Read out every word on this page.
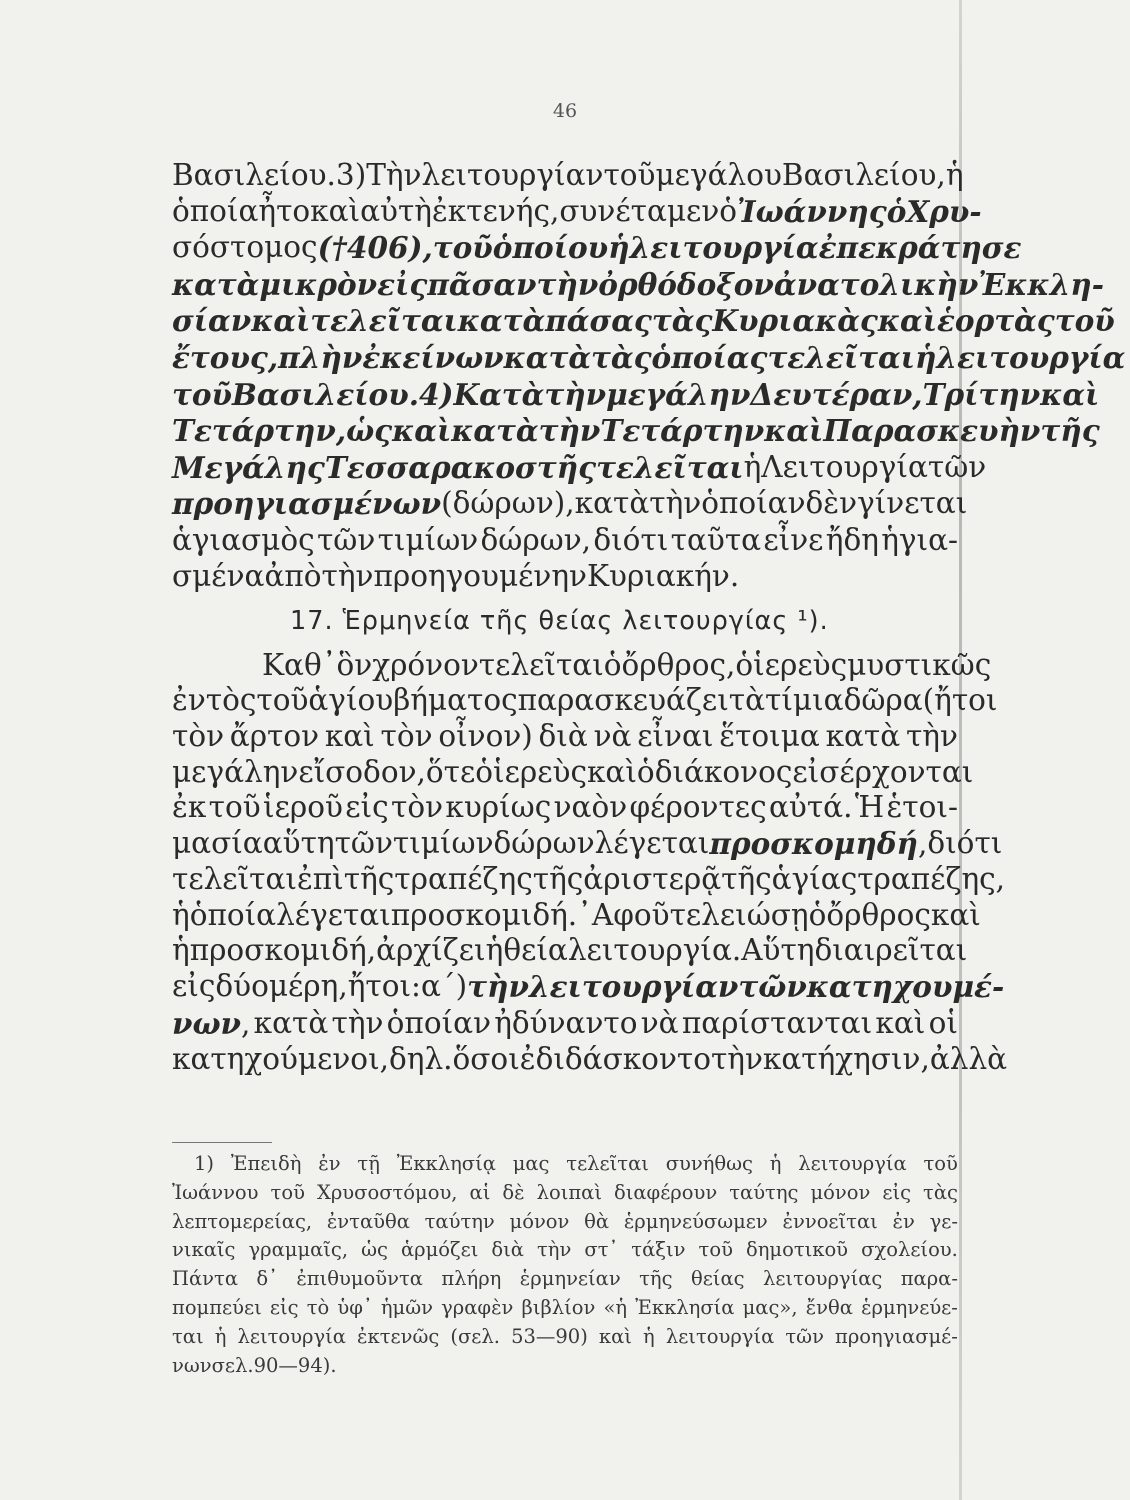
46
Βασιλείου. 3) Τὴν λειτουργίαν τοῦ μεγάλου Βασιλείου, ἡ
ὁποία ἦτο καὶ αὐτὴ ἐκτενής,συνέταμεν ὁ Ἰωάννης ὁ Χρυ-
σόστομος (†406), τοῦ ὁποίου ἡ λειτουργία ἐπεκράτησε
κατὰ μικρὸν εἰς πᾶσαν τὴν ὀρθόδοξον ἀνατολικὴν Ἐκκλη-
σίαν καὶ τελεῖται κατὰ πάσας τὰς Κυριακὰς καὶ ἑορτὰς τοῦ
ἔτους, πλὴν ἐκείνων κατὰ τὰς ὁποίας τελεῖται ἡ λειτουργία
τοῦ Βασιλείου. 4) Κατὰ τὴν μεγάλην Δευτέραν, Τρίτην καὶ
Τετάρτην,ὡς καὶ κατὰ τὴν Τετάρτην καὶ Παρασκευὴν τῆς
Μεγάλης Τεσσαρακοστῆς τελεῖται ἡ Λειτουργία τῶν
προηγιασμένων (δώρων), κατὰ τὴν ὁποίαν δὲν γίνεται
ἁγιασμὸς τῶν τιμίων δώρων, διότι ταῦτα εἶνε ἤδη ἡγια-
σμένα ἀπὸ τὴν προηγουμένην Κυριακήν.
17. Ἑρμηνεία τῆς θείας λειτουργίας ¹).
Καθ᾽ ὃν χρόνον τελεῖται ὁ ὄρθρος, ὁ ἱερεὺς μυστικῶς
ἐντὸς τοῦ ἁγίου βήματος παρασκευάζει τὰ τίμια δῶρα (ἤτοι
τὸν ἄρτον καὶ τὸν οἶνον) διὰ νὰ εἶναι ἕτοιμα κατὰ τὴν
μεγάλην εἴσοδον, ὅτε ὁ ἱερεὺς καὶ ὁ διάκονος εἰσέρχονται
ἐκ τοῦ ἱεροῦ εἰς τὸν κυρίως ναὸν φέροντες αὐτά. Ἡ ἑτοι-
μασία αὕτη τῶν τιμίων δώρων λέγεται προσκομηδή, διότι
τελεῖται ἐπὶ τῆς τραπέζης τῆς ἀριστερᾷ τῆς ἁγίας τραπέζης,
ἡ ὁποία λέγεται προσκομιδή.᾿Αφοῦ τελειώσῃ ὁ ὄρθρος καὶ
ἡ προσκομιδή, ἀρχίζει ἡ θεία λειτουργία. Αὕτη διαιρεῖται
εἰς δύο μέρη, ἤτοι : α΄) τὴν λειτουργίαν τῶν κατηχουμέ-
νων, κατὰ τὴν ὁποίαν ἠδύναντο νὰ παρίστανται καὶ οἱ
κατηχούμενοι, δηλ. ὅσοι ἐδιδάσκοντο τὴν κατήχησιν, ἀλλὰ
1) Ἐπειδὴ ἐν τῇ Ἐκκλησίᾳ μας τελεῖται συνήθως ἡ λειτουργία τοῦ
Ἰωάννου τοῦ Χρυσοστόμου, αἱ δὲ λοιπαὶ διαφέρουν ταύτης μόνον εἰς τὰς
λεπτομερείας, ἐνταῦθα ταύτην μόνον θὰ ἑρμηνεύσωμεν ἐννοεῖται ἐν γε-
νικαῖς γραμμαῖς, ὡς ἁρμόζει διὰ τὴν στ᾽ τάξιν τοῦ δημοτικοῦ σχολείου.
Πάντα δ᾽ ἐπιθυμοῦντα πλήρη ἑρμηνείαν τῆς θείας λειτουργίας παρα-
πομπεύει εἰς τὸ ὑφ᾽ ἡμῶν γραφὲν βιβλίον «ἡ Ἐκκλησία μας», ἔνθα ἑρμηνεύε-
ται ἡ λειτουργία ἐκτενῶς (σελ. 53—90) καὶ ἡ λειτουργία τῶν προηγιασμέ-
νων σελ. 90—94).
